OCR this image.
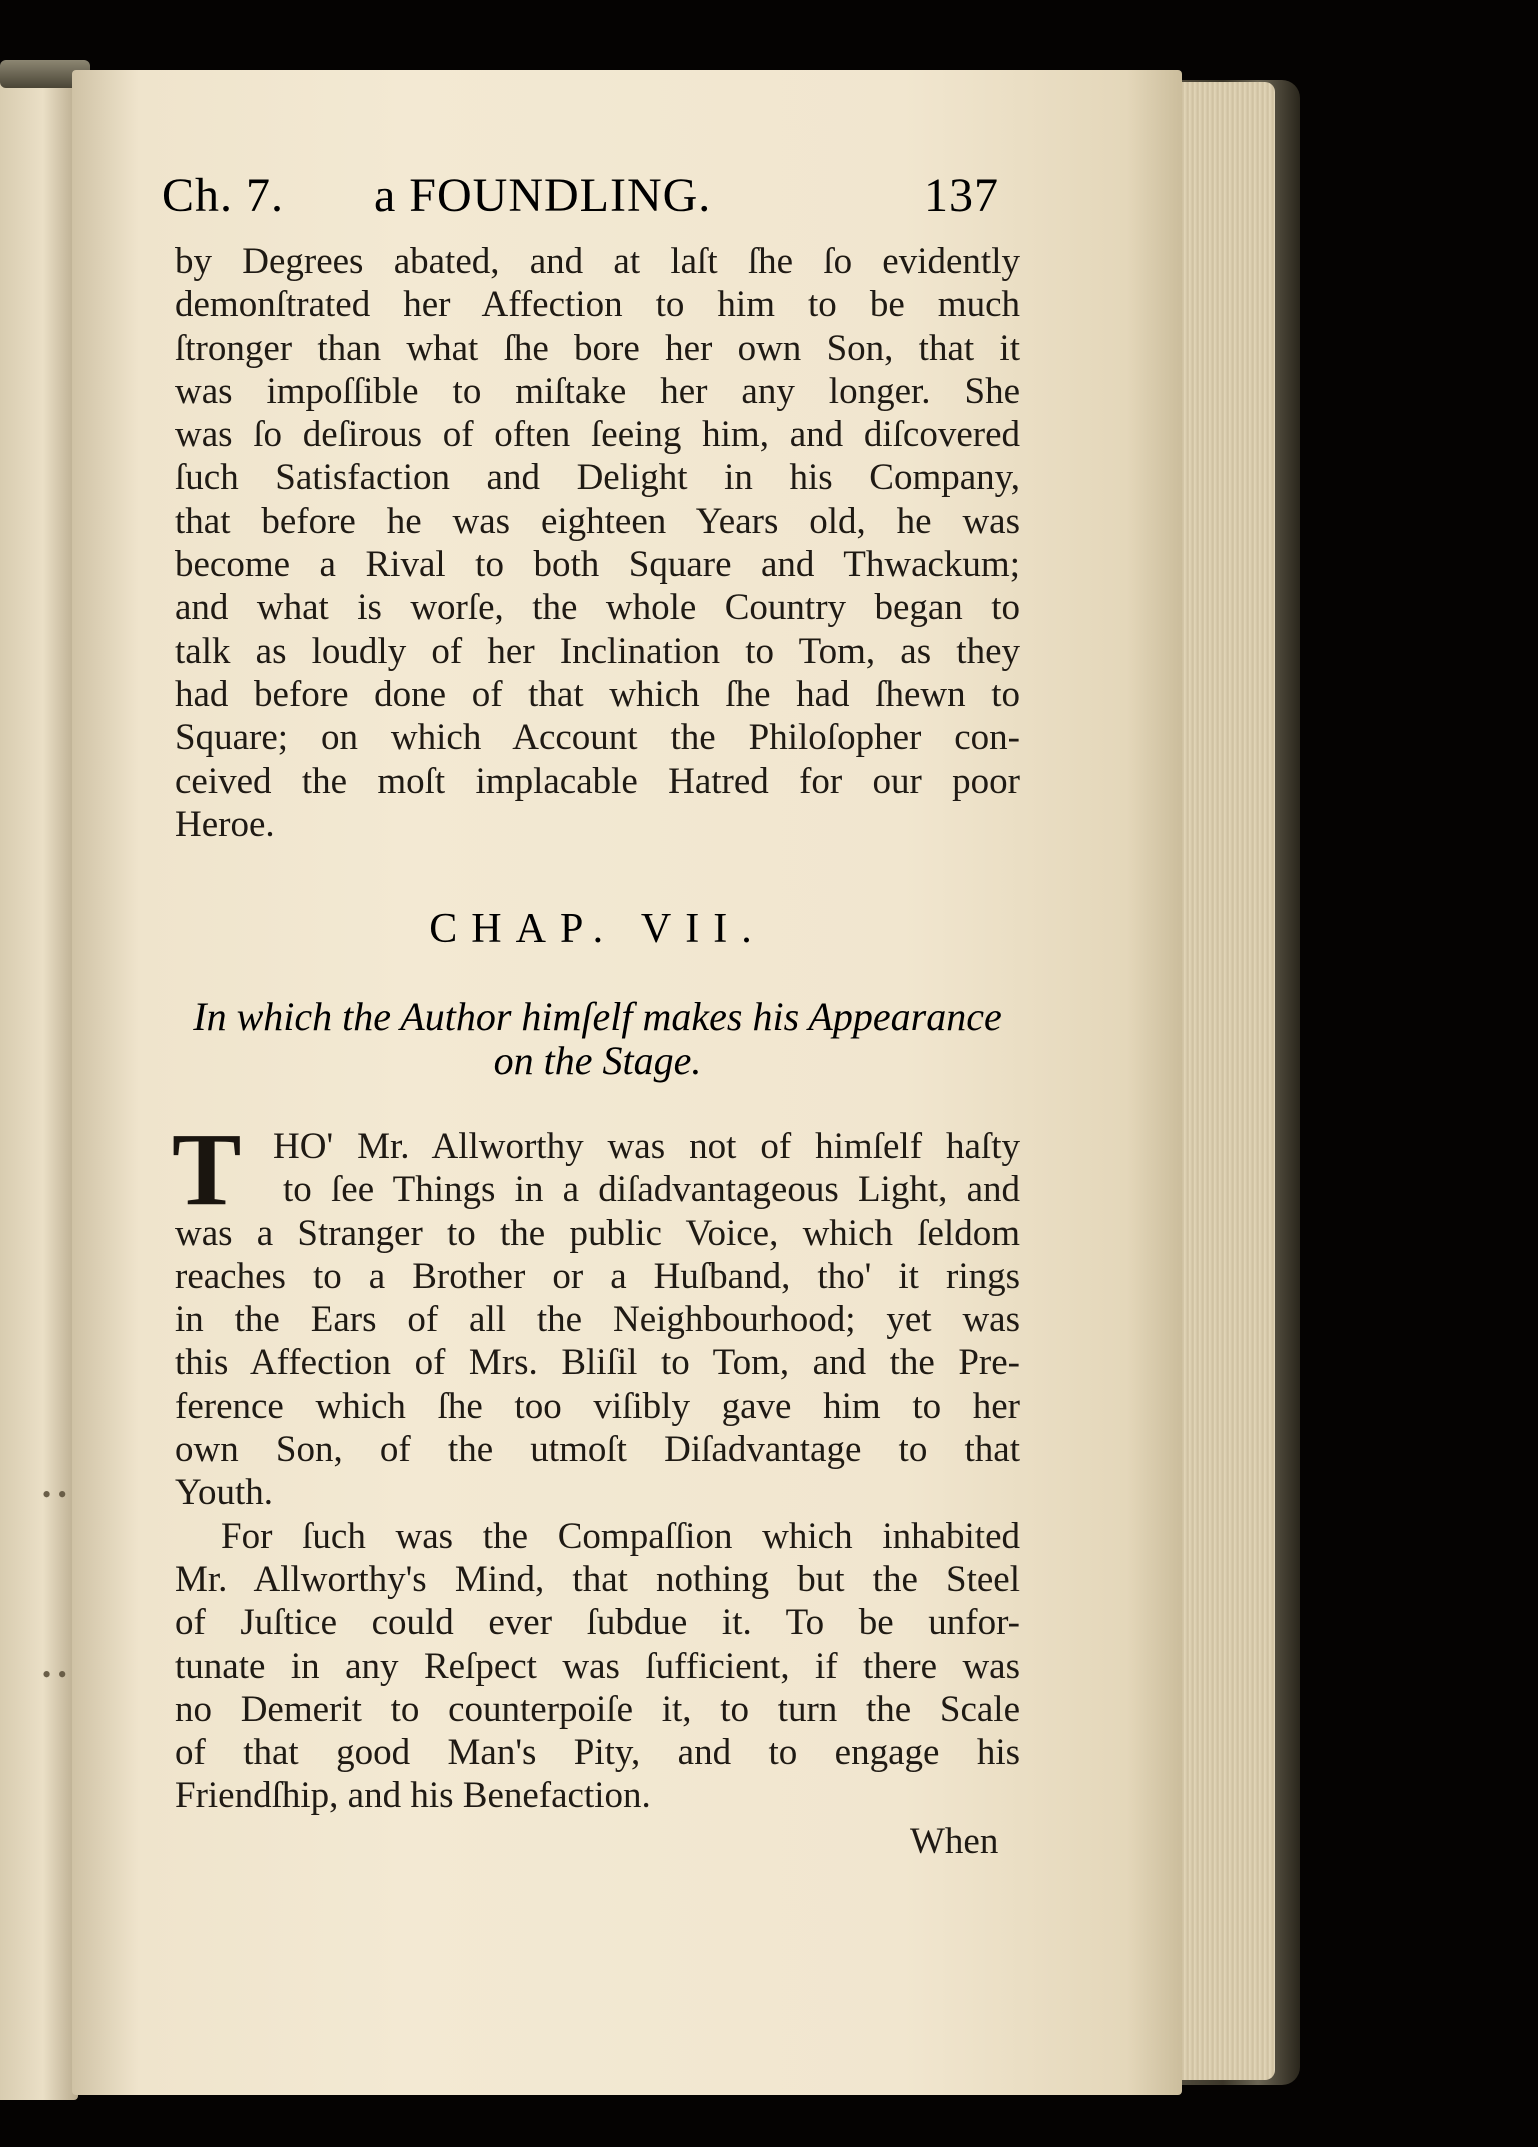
• •
• •
Ch. 7. a FOUNDLING.	137
by Degrees abated, and at laſt ſhe ſo evidently
demonſtrated her Affection to him to be much
ſtronger than what ſhe bore her own Son, that it
was impoſſible to miſtake her any longer. She
was ſo deſirous of often ſeeing him, and diſcovered
ſuch Satisfaction and Delight in his Company,
that before he was eighteen Years old, he was
become a Rival to both Square and Thwackum;
and what is worſe, the whole Country began to
talk as loudly of her Inclination to Tom, as they
had before done of that which ſhe had ſhewn to
Square; on which Account the Philoſopher con-
ceived the moſt implacable Hatred for our poor
Heroe.
CHAP. VII.
In which the Author himſelf makes his Appearance
on the Stage.
T HO' Mr. Allworthy was not of himſelf haſty
to ſee Things in a diſadvantageous Light, and
was a Stranger to the public Voice, which ſeldom
reaches to a Brother or a Huſband, tho' it rings
in the Ears of all the Neighbourhood; yet was
this Affection of Mrs. Bliſil to Tom, and the Pre-
ference which ſhe too viſibly gave him to her
own Son, of the utmoſt Diſadvantage to that
Youth.
For ſuch was the Compaſſion which inhabited
Mr. Allworthy's Mind, that nothing but the Steel
of Juſtice could ever ſubdue it. To be unfor-
tunate in any Reſpect was ſufficient, if there was
no Demerit to counterpoiſe it, to turn the Scale
of that good Man's Pity, and to engage his
Friendſhip, and his Benefaction.
When
